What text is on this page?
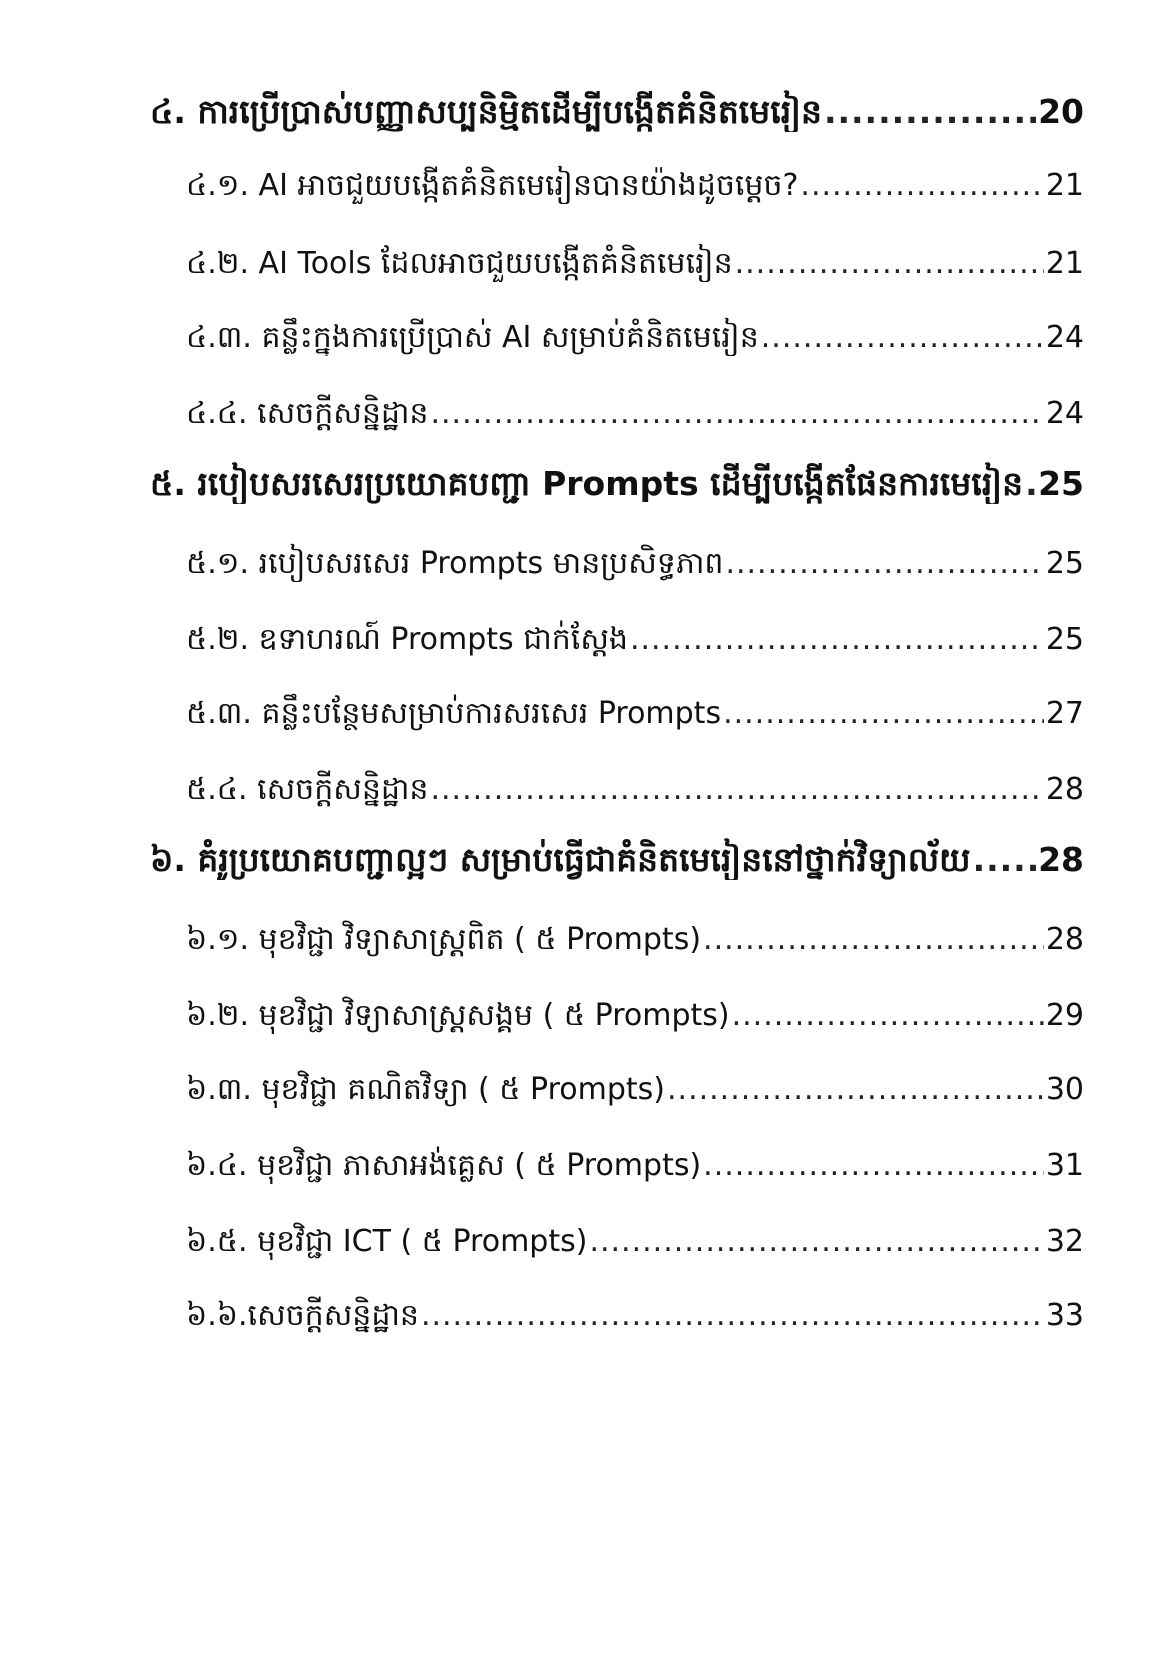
៤. ការប្រើប្រាស់បញ្ញាសប្បនិម្មិតដើម្បីបង្កើតគំនិតមេរៀន .....	20
៤.១. AI អាចជួយបង្កើតគំនិតមេរៀនបានយ៉ាងដូចម្ដេច? .....	21
៤.២. AI Tools ដែលអាចជួយបង្កើតគំនិតមេរៀន .....	21
៤.៣. គន្លឹះក្នុងការប្រើប្រាស់ AI សម្រាប់គំនិតមេរៀន .....	24
៤.៤. សេចក្ដីសន្និដ្ឋាន .....	24
៥. របៀបសរសេរប្រយោគបញ្ជា Prompts ដើម្បីបង្កើតផែនការមេរៀន ..... 25
៥.១. របៀបសរសេរ Prompts មានប្រសិទ្ធភាព .....	25
៥.២. ឧទាហរណ៍ Prompts ជាក់ស្ដែង .....	25
៥.៣. គន្លឹះបន្ថែមសម្រាប់ការសរសេរ Prompts .....	27
៥.៤. សេចក្ដីសន្និដ្ឋាន .....	28
៦. គំរូប្រយោគបញ្ជាល្អៗ សម្រាប់ធ្វើជាគំនិតមេរៀននៅថ្នាក់វិទ្យាល័យ ..... 28
៦.១. មុខវិជ្ជា វិទ្យាសាស្ត្រពិត ( ៥ Prompts) .....	28
៦.២. មុខវិជ្ជា វិទ្យាសាស្ត្រសង្គម ( ៥ Prompts) .....	29
៦.៣. មុខវិជ្ជា គណិតវិទ្យា ( ៥ Prompts) .....	30
៦.៤. មុខវិជ្ជា ភាសាអង់គ្លេស ( ៥ Prompts) .....	31
៦.៥. មុខវិជ្ជា ICT ( ៥ Prompts) .....	32
៦.៦.សេចក្ដីសន្និដ្ឋាន .....	33
